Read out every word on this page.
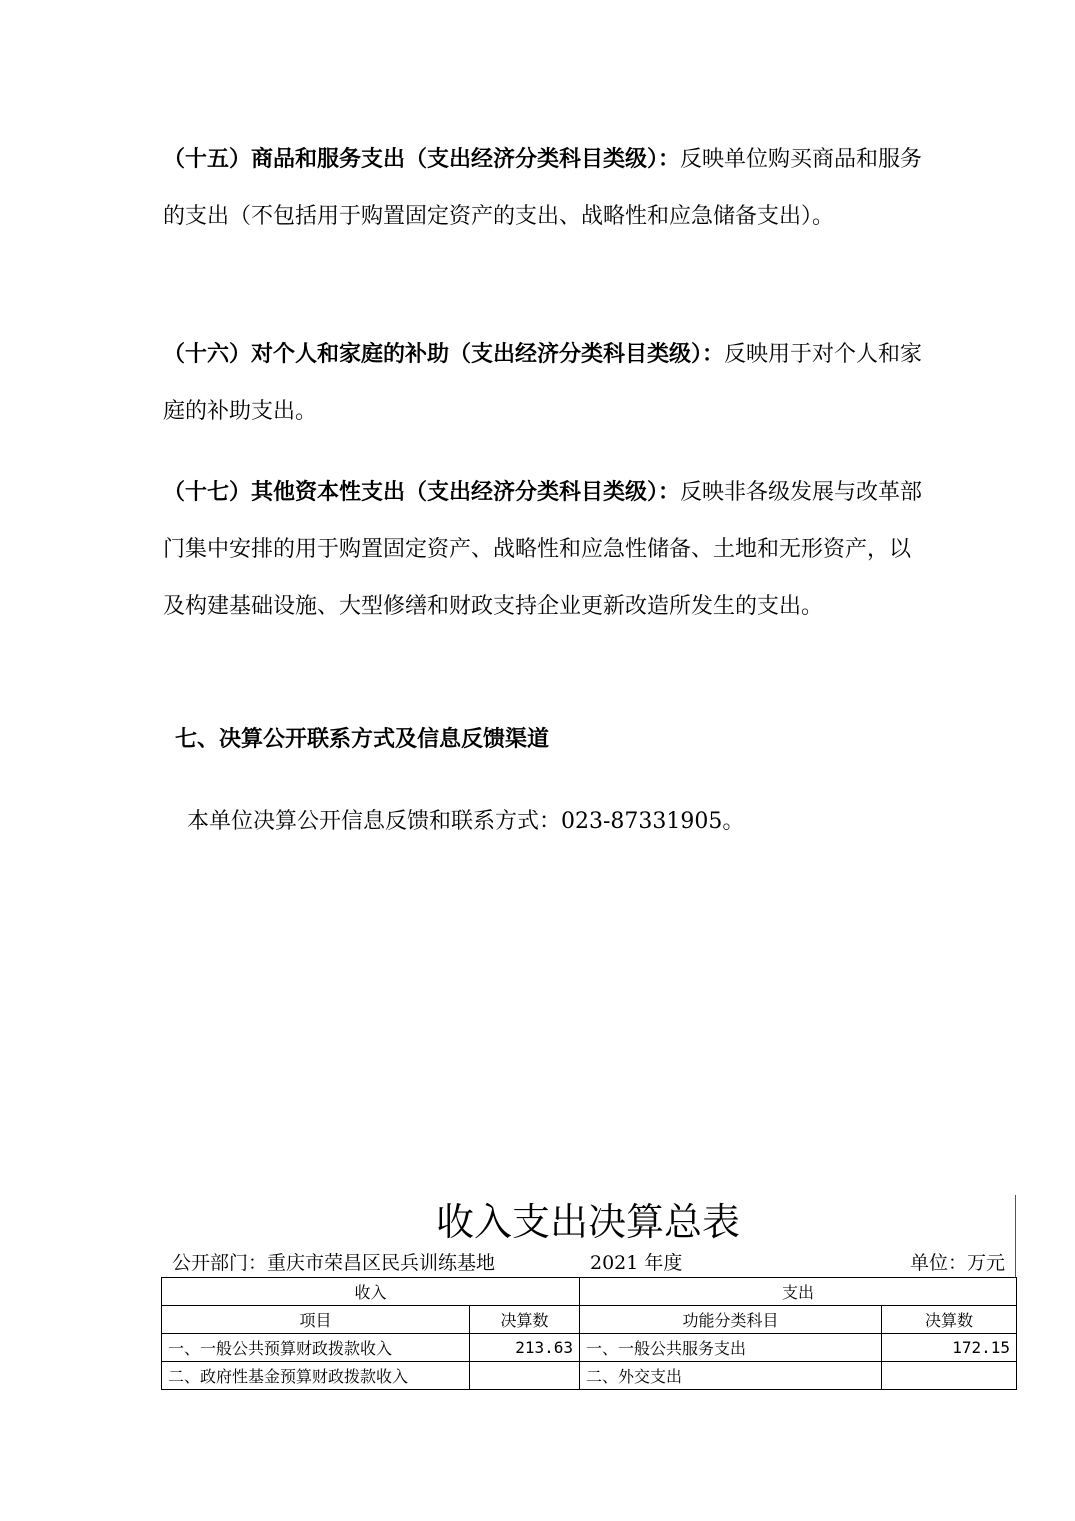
（十五）商品和服务支出（支出经济分类科目类级）：反映单位购买商品和服务的支出（不包括用于购置固定资产的支出、战略性和应急储备支出）。

（十六）对个人和家庭的补助（支出经济分类科目类级）：反映用于对个人和家庭的补助支出。

（十七）其他资本性支出（支出经济分类科目类级）：反映非各级发展与改革部门集中安排的用于购置固定资产、战略性和应急性储备、土地和无形资产，以及构建基础设施、大型修缮和财政支持企业更新改造所发生的支出。

七、决算公开联系方式及信息反馈渠道

本单位决算公开信息反馈和联系方式：023-87331905。

收入支出决算总表
公开部门：重庆市荣昌区民兵训练基地	2021 年度	单位：万元
收入		支出	
项目	决算数	功能分类科目	决算数
一、一般公共预算财政拨款收入	213.63	一、一般公共服务支出	172.15
二、政府性基金预算财政拨款收入		二、外交支出	
